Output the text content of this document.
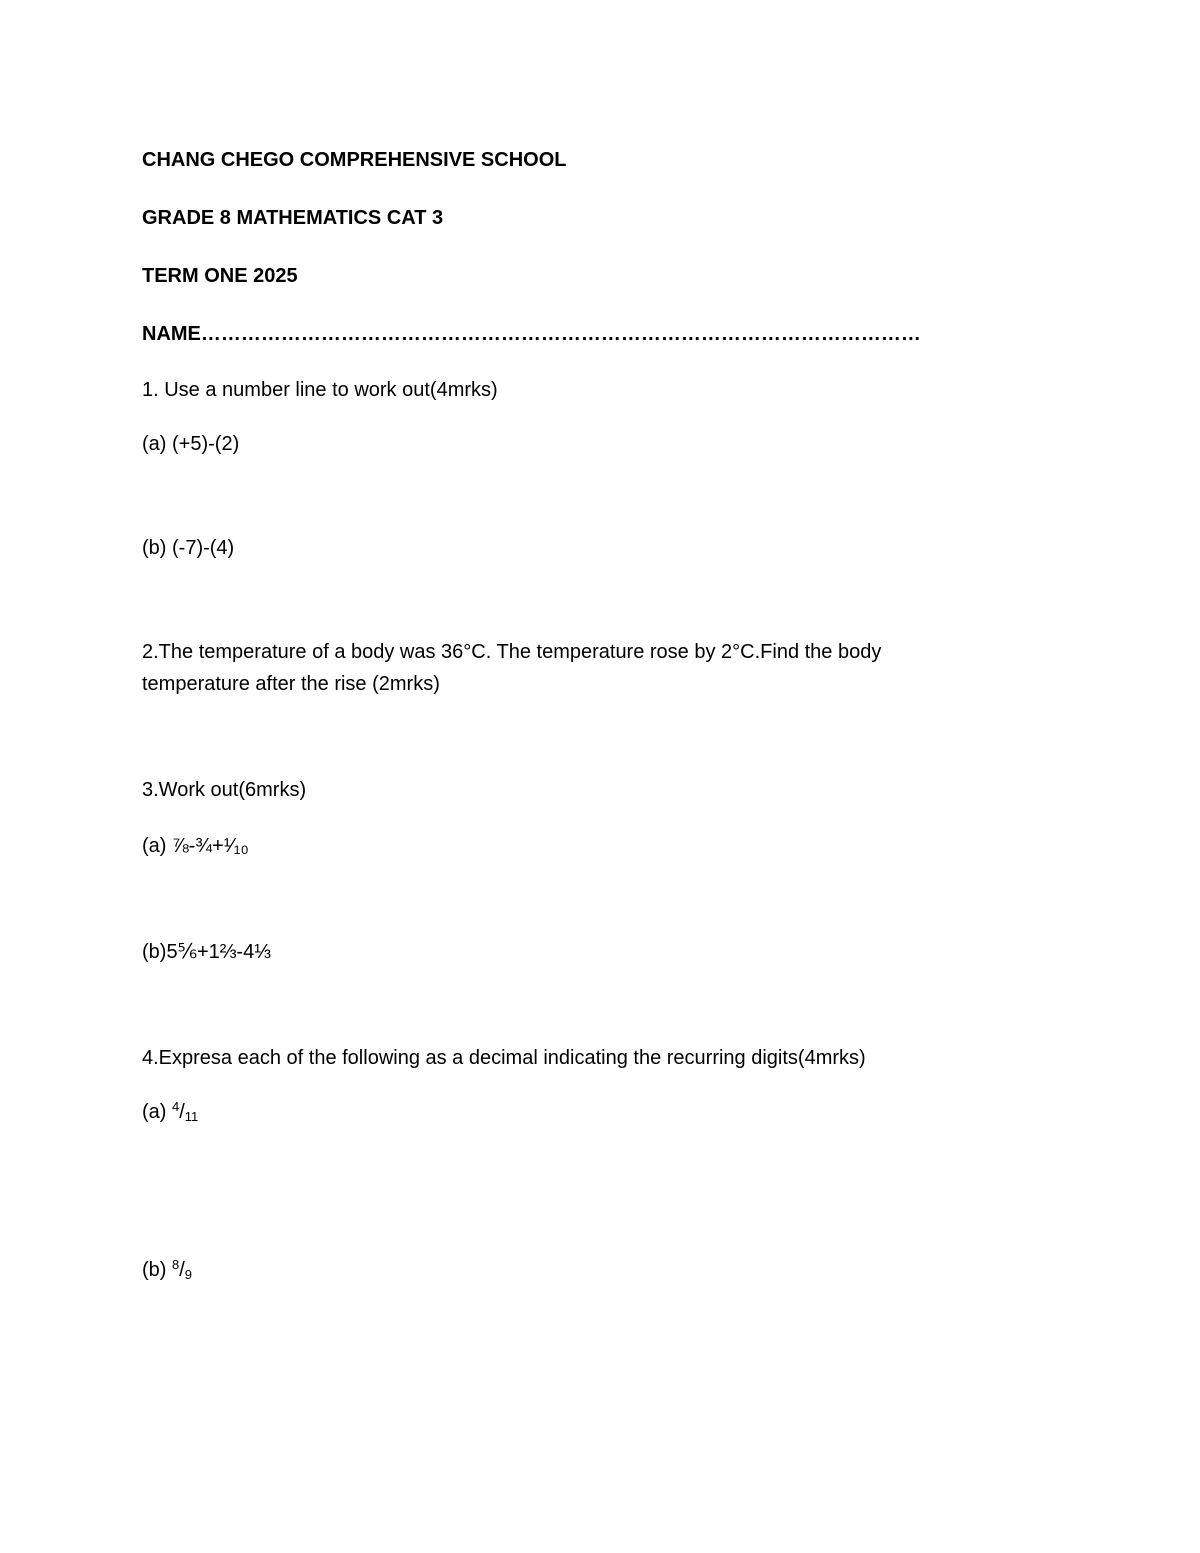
CHANG CHEGO COMPREHENSIVE SCHOOL
GRADE 8 MATHEMATICS CAT 3
TERM ONE 2025
NAME………………………………………………………………………………………………
1. Use a number line to work out(4mrks)
(a) (+5)-(2)
(b) (-7)-(4)
2.The temperature of a body was 36°C. The temperature rose by 2°C.Find the body temperature after the rise (2mrks)
3.Work out(6mrks)
(a) ⅞-¾+¹⁄₁₀
(b)5⅚+1⅔-4⅓
4.Expresa each of the following as a decimal indicating the recurring digits(4mrks)
(a) $^4/_{11}$
(b) $^8/_9$
